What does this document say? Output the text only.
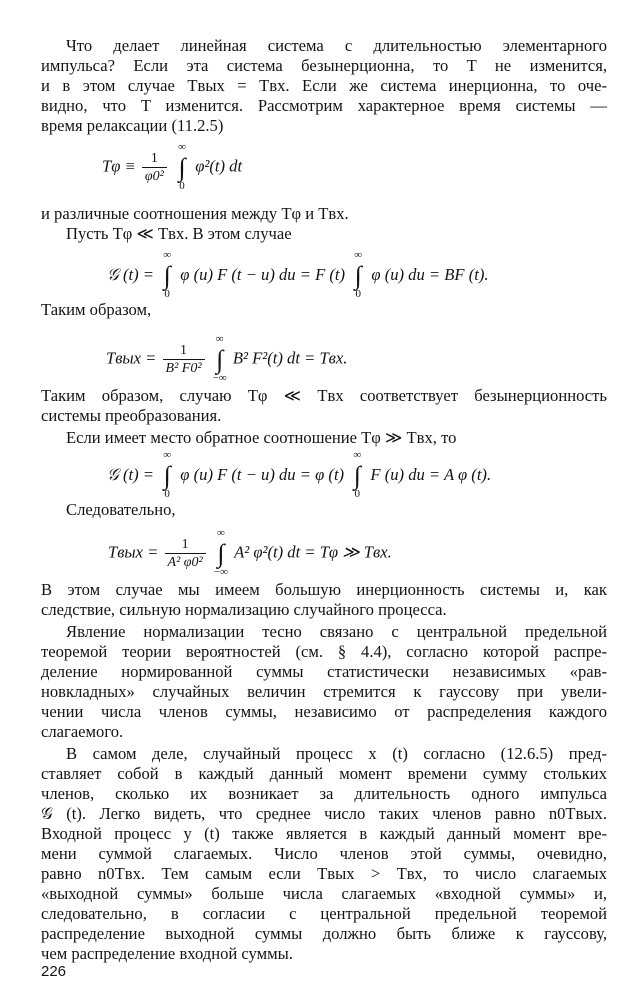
Что делает линейная система с длительностью элементарного
импульса? Если эта система безынерционна, то T не изменится,
и в этом случае Tвых = Tвх. Если же система инерционна, то оче-
видно, что T изменится. Рассмотрим характерное время системы —
время релаксации (11.2.5)
$T\varphi \equiv \frac{1}{\text{φ0²}}$

∞
∫
0
φ²(t) dt
и различные соотношения между Tφ и Tвх.
Пусть Tφ ≪ Tвх. В этом случае
𝒢 (t) =
∞
∫
0
φ (u) F (t − u) du = F (t)
∞
∫
0
φ (u) du = BF (t).
Таким образом,
Tвых = $\frac{1}{\text{B² F0²}}$

∞
∫
−∞
B² F²(t) dt = Tвх.
Таким образом, случаю Tφ ≪ Tвх соответствует безынерционность
системы преобразования.
Если имеет место обратное соотношение Tφ ≫ Tвх, то
𝒢 (t) =
∞
∫
0
φ (u) F (t − u) du = φ (t)
∞
∫
0
F (u) du = A φ (t).
Следовательно,
Tвых = $\frac{1}{\text{A² φ0²}}$

∞
∫
−∞
A² φ²(t) dt = Tφ ≫ Tвх.
В этом случае мы имеем большую инерционность системы и, как
следствие, сильную нормализацию случайного процесса.
Явление нормализации тесно связано с центральной предельной
теоремой теории вероятностей (см. § 4.4), согласно которой распре-
деление нормированной суммы статистически независимых «рав-
новкладных» случайных величин стремится к гауссову при увели-
чении числа членов суммы, независимо от распределения каждого
слагаемого.
В самом деле, случайный процесс x (t) согласно (12.6.5) пред-
ставляет собой в каждый данный момент времени сумму стольких
членов, сколько их возникает за длительность одного импульса
𝒢 (t). Легко видеть, что среднее число таких членов равно n0Tвых.
Входной процесс y (t) также является в каждый данный момент вре-
мени суммой слагаемых. Число членов этой суммы, очевидно,
равно n0Tвх. Тем самым если Tвых > Tвх, то число слагаемых
«выходной суммы» больше числа слагаемых «входной суммы» и,
следовательно, в согласии с центральной предельной теоремой
распределение выходной суммы должно быть ближе к гауссову,
чем распределение входной суммы.
226
